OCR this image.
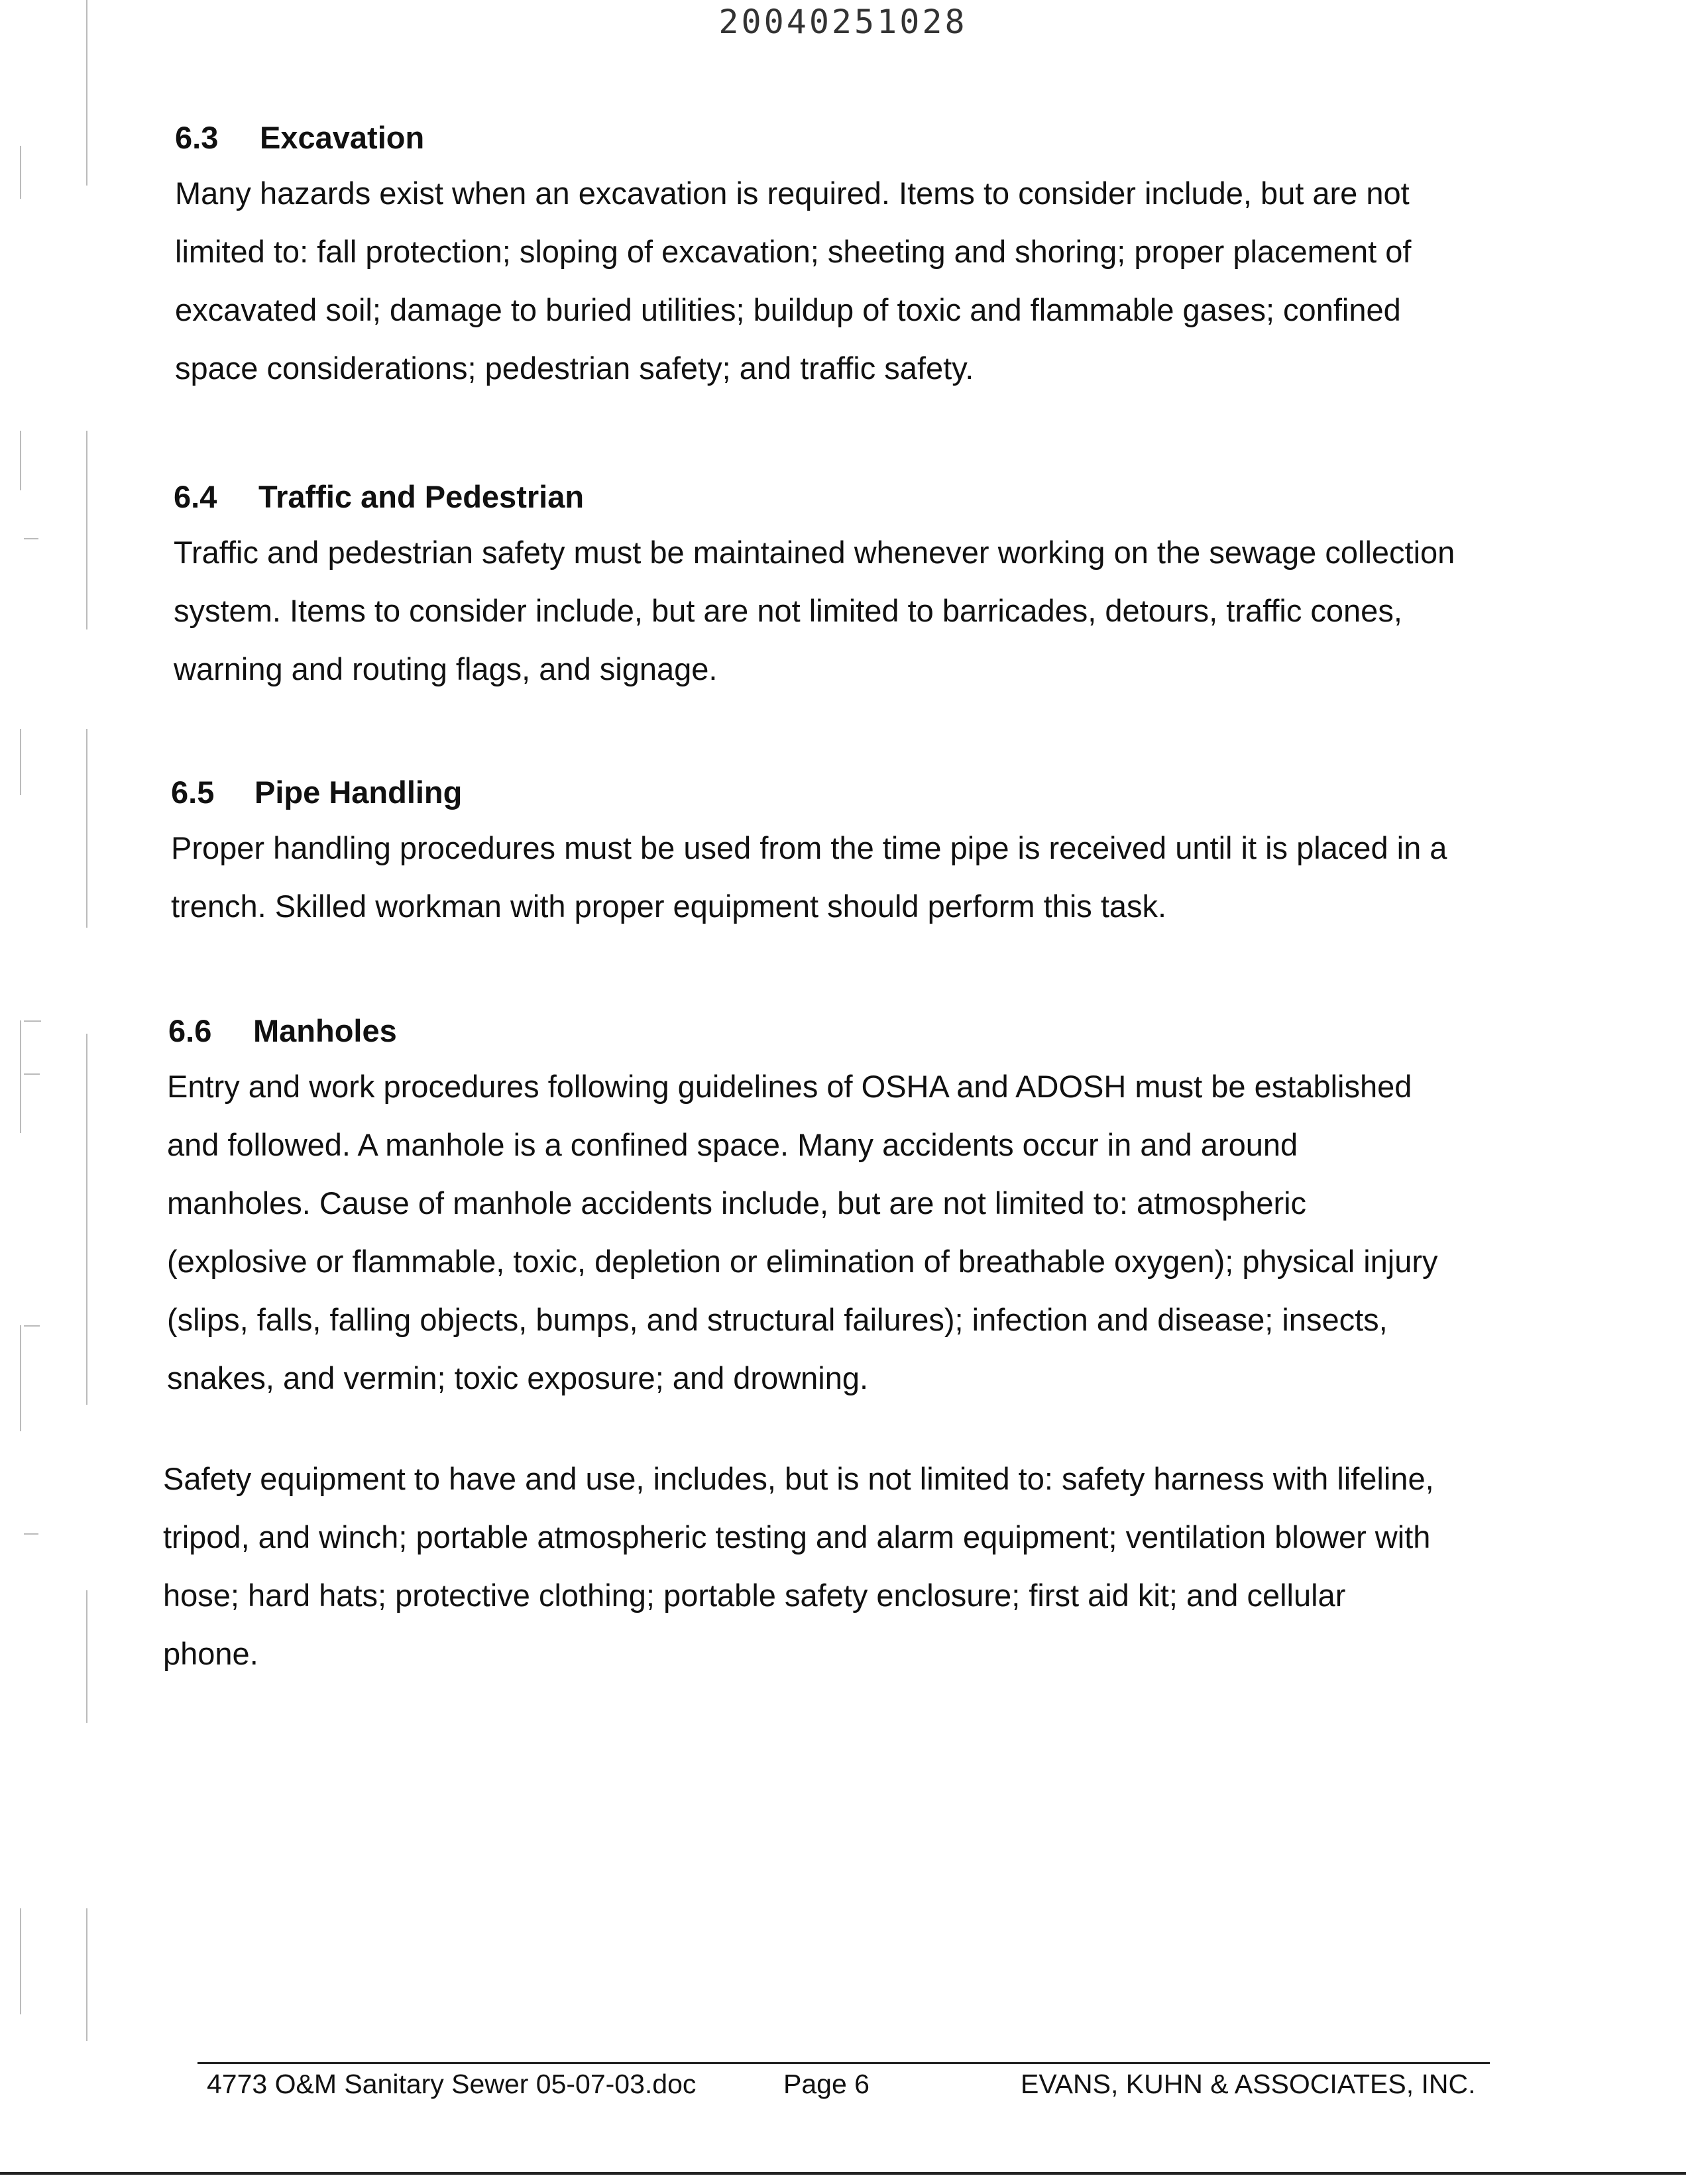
20040251028
6.3 Excavation
Many hazards exist when an excavation is required. Items to consider include, but are not
limited to: fall protection; sloping of excavation; sheeting and shoring; proper placement of
excavated soil; damage to buried utilities; buildup of toxic and flammable gases; confined
space considerations; pedestrian safety; and traffic safety.
6.4 Traffic and Pedestrian
Traffic and pedestrian safety must be maintained whenever working on the sewage collection
system. Items to consider include, but are not limited to barricades, detours, traffic cones,
warning and routing flags, and signage.
6.5 Pipe Handling
Proper handling procedures must be used from the time pipe is received until it is placed in a
trench. Skilled workman with proper equipment should perform this task.
6.6 Manholes
Entry and work procedures following guidelines of OSHA and ADOSH must be established
and followed. A manhole is a confined space. Many accidents occur in and around
manholes. Cause of manhole accidents include, but are not limited to: atmospheric
(explosive or flammable, toxic, depletion or elimination of breathable oxygen); physical injury
(slips, falls, falling objects, bumps, and structural failures); infection and disease; insects,
snakes, and vermin; toxic exposure; and drowning.
Safety equipment to have and use, includes, but is not limited to: safety harness with lifeline,
tripod, and winch; portable atmospheric testing and alarm equipment; ventilation blower with
hose; hard hats; protective clothing; portable safety enclosure; first aid kit; and cellular
phone.
4773 O&M Sanitary Sewer 05-07-03.doc	Page 6	EVANS, KUHN & ASSOCIATES, INC.
